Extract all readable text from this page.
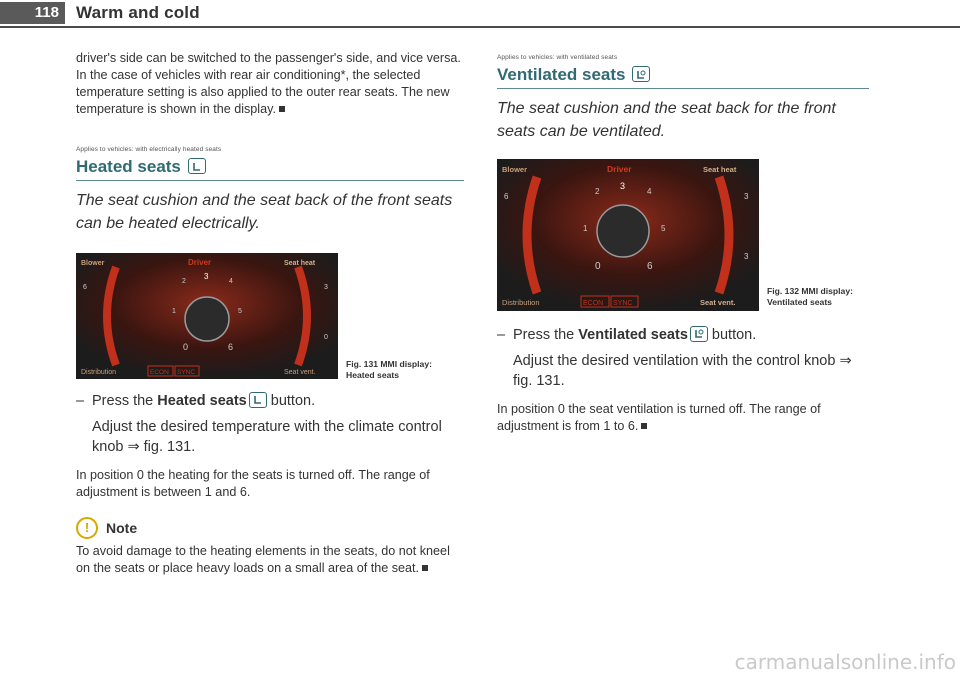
118	Warm and cold

driver's side can be switched to the passenger's side, and vice versa. In the case of vehicles with rear air conditioning*, the selected temperature setting is also applied to the outer rear seats. The new temperature is shown in the display.

Applies to vehicles: with electrically heated seats

Heated seats

The seat cushion and the seat back of the front seats can be heated electrically.

Blower	Driver	Seat heat
3
2	4
1	5
0	6
6	3
0
Distribution	ECON SYNC	Seat vent.
Fig. 131 MMI display:
Heated seats

– Press the Heated seats button.

Adjust the desired temperature with the climate control knob ⇒ fig. 131.

In position 0 the heating for the seats is turned off. The range of adjustment is between 1 and 6.

! Note

To avoid damage to the heating elements in the seats, do not kneel on the seats or place heavy loads on a small area of the seat.

Applies to vehicles: with ventilated seats

Ventilated seats

The seat cushion and the seat back for the front seats can be ventilated.

Blower	Driver	Seat heat
3
2	4
1	5
0	6
6	3
3
Distribution	ECON SYNC	Seat vent.
Fig. 132 MMI display:
Ventilated seats

– Press the Ventilated seats button.

Adjust the desired ventilation with the control knob ⇒ fig. 131.

In position 0 the seat ventilation is turned off. The range of adjustment is from 1 to 6.

carmanualsonline.info
